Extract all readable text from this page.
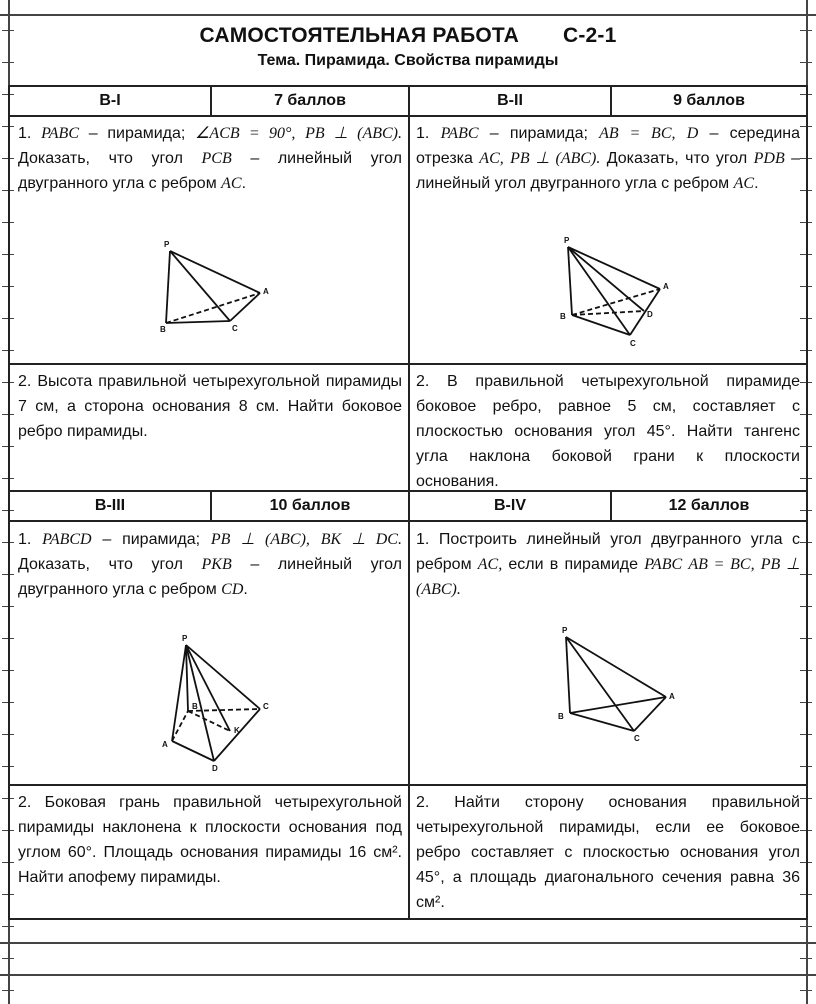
САМОСТОЯТЕЛЬНАЯ РАБОТА С-2-1
Тема. Пирамида. Свойства пирамиды
В-I	7 баллов	В-II	9 баллов
В-III	10 баллов	В-IV	12 баллов
1. PABC – пирамида; ∠ACB = 90°, PB ⊥ (ABC). Доказать, что угол PCB – линейный угол двугранного угла с ребром AC.
P
A
B	C
1. PABC – пирамида; AB = BC, D – середина отрезка AC, PB ⊥ (ABC). Доказать, что угол PDB – линейный угол двугранного угла с ребром AC.
P
A
B
C
D
2. Высота правильной четырехугольной пирамиды 7 см, а сторона основания 8 см. Найти боковое ребро пирамиды.
2. В правильной четырехугольной пирамиде боковое ребро, равное 5 см, составляет с плоскостью основания угол 45°. Найти тангенс угла наклона боковой грани к плоскости основания.
1. PABCD – пирамида; PB ⊥ (ABC), BK ⊥ DC. Доказать, что угол PKB – линейный угол двугранного угла с ребром CD.
P
A
B	C
D
K
1. Построить линейный угол двугранного угла с ребром AC, если в пирамиде PABC AB = BC, PB ⊥ (ABC).
P
A
B
C
2. Боковая грань правильной четырехугольной пирамиды наклонена к плоскости основания под углом 60°. Площадь основания пирамиды 16 см². Найти апофему пирамиды.
2. Найти сторону основания правильной четырехугольной пирамиды, если ее боковое ребро составляет с плоскостью основания угол 45°, а площадь диагонального сечения равна 36 см².
